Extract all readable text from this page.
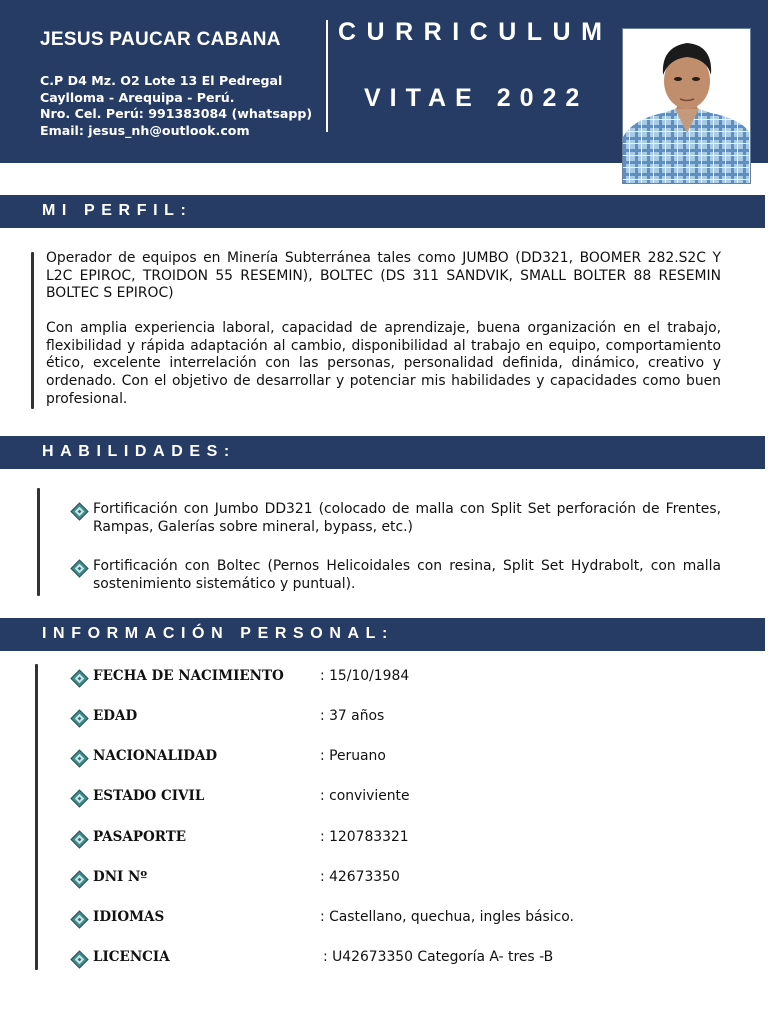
JESUS PAUCAR CABANA
C.P D4 Mz. O2 Lote 13 El Pedregal
Caylloma - Arequipa - Perú.
Nro. Cel. Perú: 991383084 (whatsapp)
Email: jesus_nh@outlook.com
CURRICULUM
VITAE 2022
MI PERFIL:
Operador de equipos en Minería Subterránea tales como JUMBO (DD321, BOOMER 282.S2C Y L2C EPIROC, TROIDON 55 RESEMIN), BOLTEC (DS 311 SANDVIK, SMALL BOLTER 88 RESEMIN BOLTEC S EPIROC)
Con amplia experiencia laboral, capacidad de aprendizaje, buena organización en el trabajo, flexibilidad y rápida adaptación al cambio, disponibilidad al trabajo en equipo, comportamiento ético, excelente interrelación con las personas, personalidad definida, dinámico, creativo y ordenado. Con el objetivo de desarrollar y potenciar mis habilidades y capacidades como buen profesional.
HABILIDADES:
Fortificación con Jumbo DD321 (colocado de malla con Split Set perforación de Frentes, Rampas, Galerías sobre mineral, bypass, etc.)
Fortificación con Boltec (Pernos Helicoidales con resina, Split Set Hydrabolt, con malla sostenimiento sistemático y puntual).
INFORMACIÓN PERSONAL:
FECHA DE NACIMIENTO	: 15/10/1984
EDAD	: 37 años
NACIONALIDAD	: Peruano
ESTADO CIVIL	: conviviente
PASAPORTE	: 120783321
DNI Nº	: 42673350
IDIOMAS	: Castellano, quechua, ingles básico.
LICENCIA	: U42673350 Categoría A- tres -B
